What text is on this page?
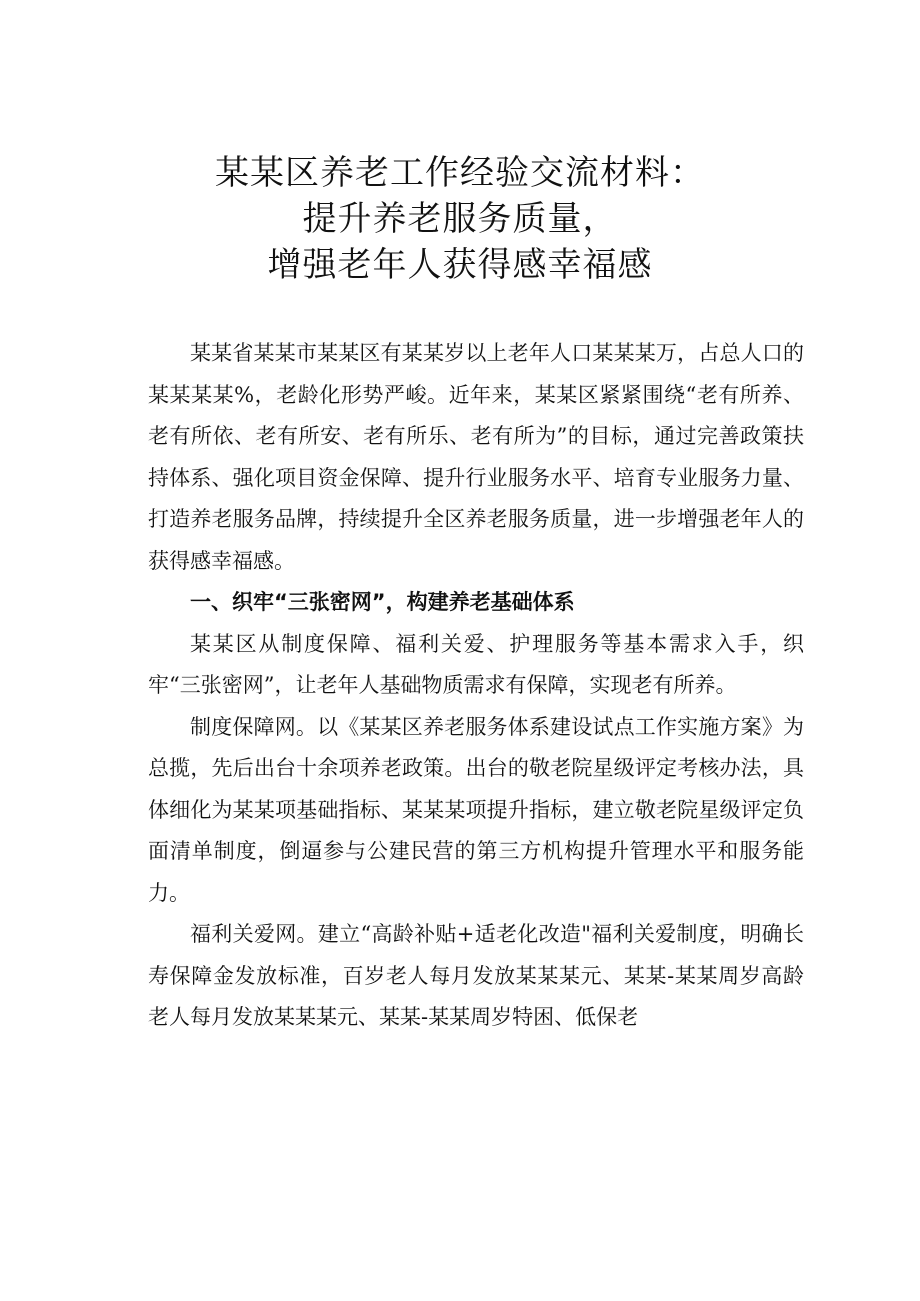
某某区养老工作经验交流材料：
提升养老服务质量，
增强老年人获得感幸福感

某某省某某市某某区有某某岁以上老年人口某某某万，占总人口的某某某某%，老龄化形势严峻。近年来，某某区紧紧围绕“老有所养、老有所依、老有所安、老有所乐、老有所为”的目标，通过完善政策扶持体系、强化项目资金保障、提升行业服务水平、培育专业服务力量、打造养老服务品牌，持续提升全区养老服务质量，进一步增强老年人的获得感幸福感。

一、织牢“三张密网”，构建养老基础体系

某某区从制度保障、福利关爱、护理服务等基本需求入手，织牢“三张密网”，让老年人基础物质需求有保障，实现老有所养。

制度保障网。以《某某区养老服务体系建设试点工作实施方案》为总揽，先后出台十余项养老政策。出台的敬老院星级评定考核办法，具体细化为某某项基础指标、某某某项提升指标，建立敬老院星级评定负面清单制度，倒逼参与公建民营的第三方机构提升管理水平和服务能力。

福利关爱网。建立“高龄补贴+适老化改造"福利关爱制度，明确长寿保障金发放标准，百岁老人每月发放某某某元、某某-某某周岁高龄老人每月发放某某某元、某某-某某周岁特困、低保老
